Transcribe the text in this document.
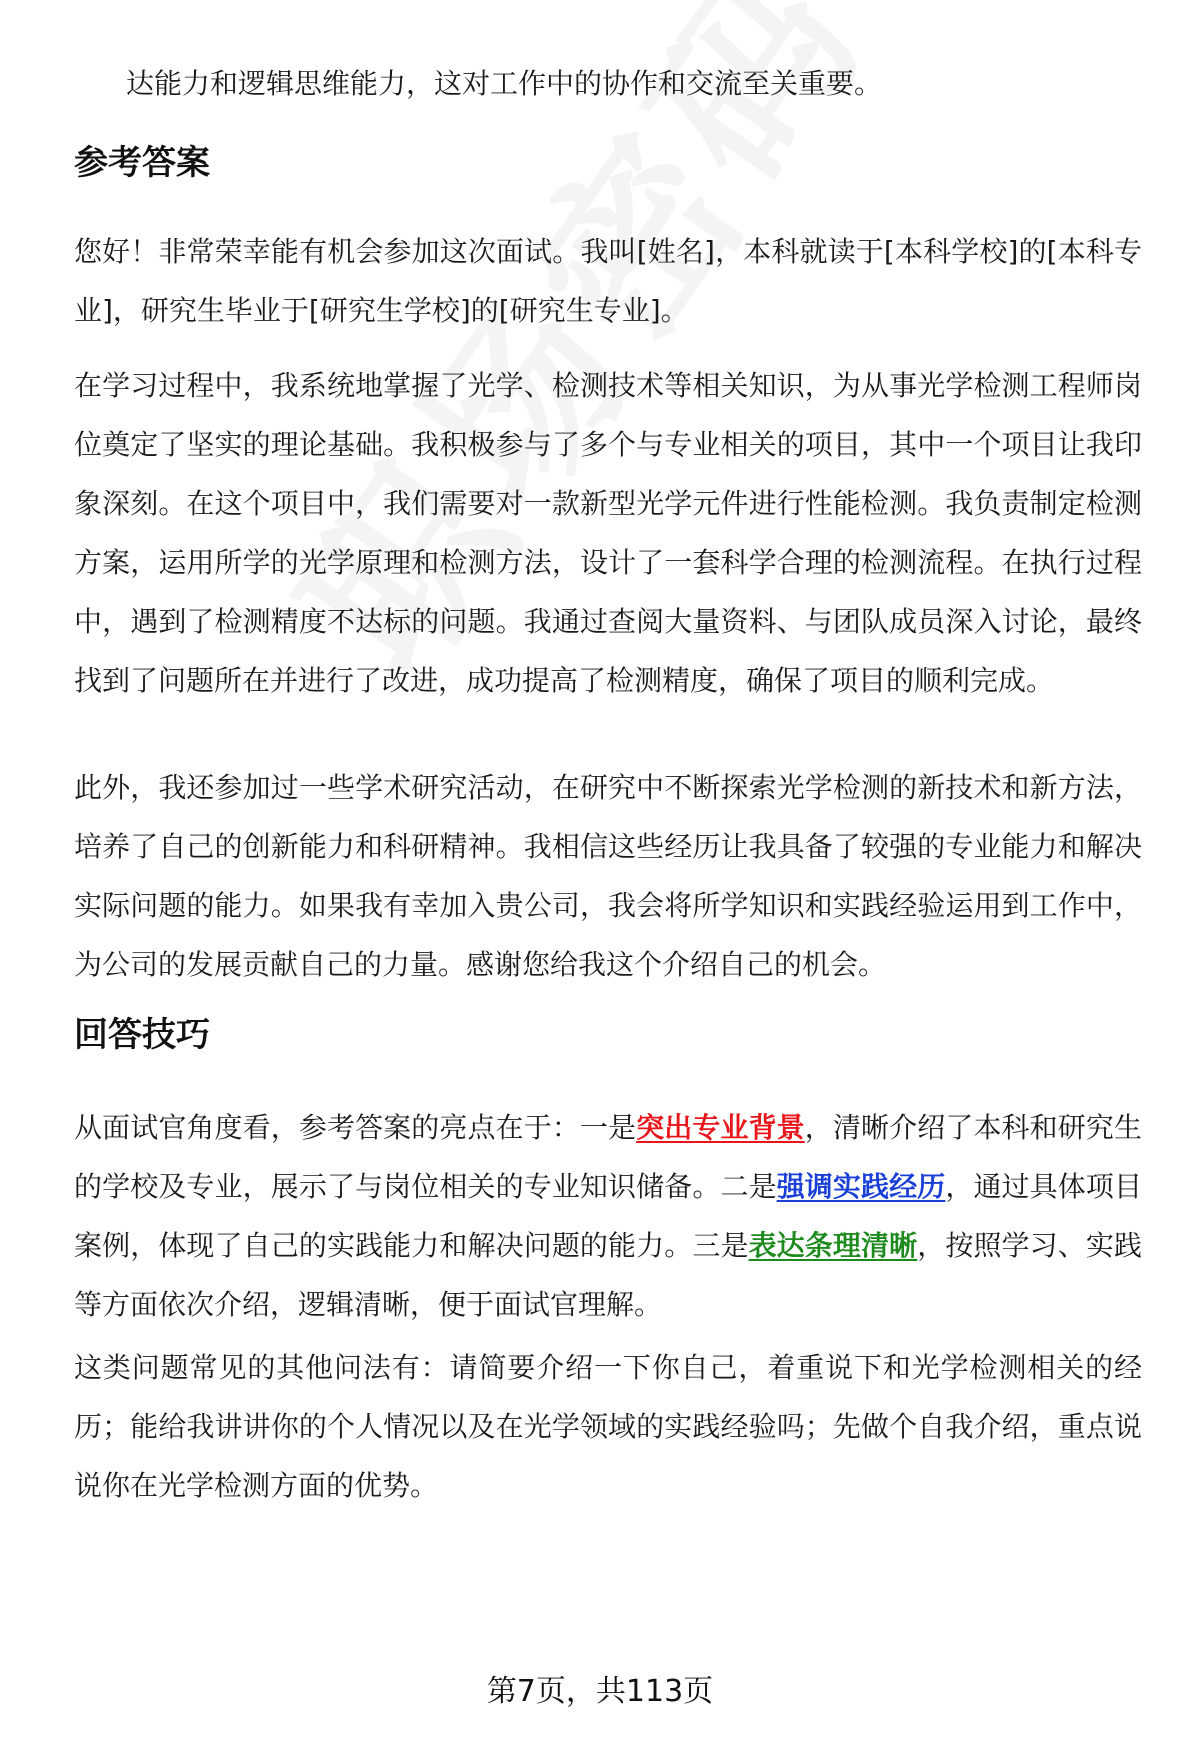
达能力和逻辑思维能力，这对工作中的协作和交流至关重要。

参考答案

您好！非常荣幸能有机会参加这次面试。我叫[姓名]，本科就读于[本科学校]的[本科专业]，研究生毕业于[研究生学校]的[研究生专业]。

在学习过程中，我系统地掌握了光学、检测技术等相关知识，为从事光学检测工程师岗位奠定了坚实的理论基础。我积极参与了多个与专业相关的项目，其中一个项目让我印象深刻。在这个项目中，我们需要对一款新型光学元件进行性能检测。我负责制定检测方案，运用所学的光学原理和检测方法，设计了一套科学合理的检测流程。在执行过程中，遇到了检测精度不达标的问题。我通过查阅大量资料、与团队成员深入讨论，最终找到了问题所在并进行了改进，成功提高了检测精度，确保了项目的顺利完成。

此外，我还参加过一些学术研究活动，在研究中不断探索光学检测的新技术和新方法，培养了自己的创新能力和科研精神。我相信这些经历让我具备了较强的专业能力和解决实际问题的能力。如果我有幸加入贵公司，我会将所学知识和实践经验运用到工作中，为公司的发展贡献自己的力量。感谢您给我这个介绍自己的机会。

回答技巧

从面试官角度看，参考答案的亮点在于：一是突出专业背景，清晰介绍了本科和研究生的学校及专业，展示了与岗位相关的专业知识储备。二是强调实践经历，通过具体项目案例，体现了自己的实践能力和解决问题的能力。三是表达条理清晰，按照学习、实践等方面依次介绍，逻辑清晰，便于面试官理解。

这类问题常见的其他问法有：请简要介绍一下你自己，着重说下和光学检测相关的经历；能给我讲讲你的个人情况以及在光学领域的实践经验吗；先做个自我介绍，重点说说你在光学检测方面的优势。

第7页，共113页
